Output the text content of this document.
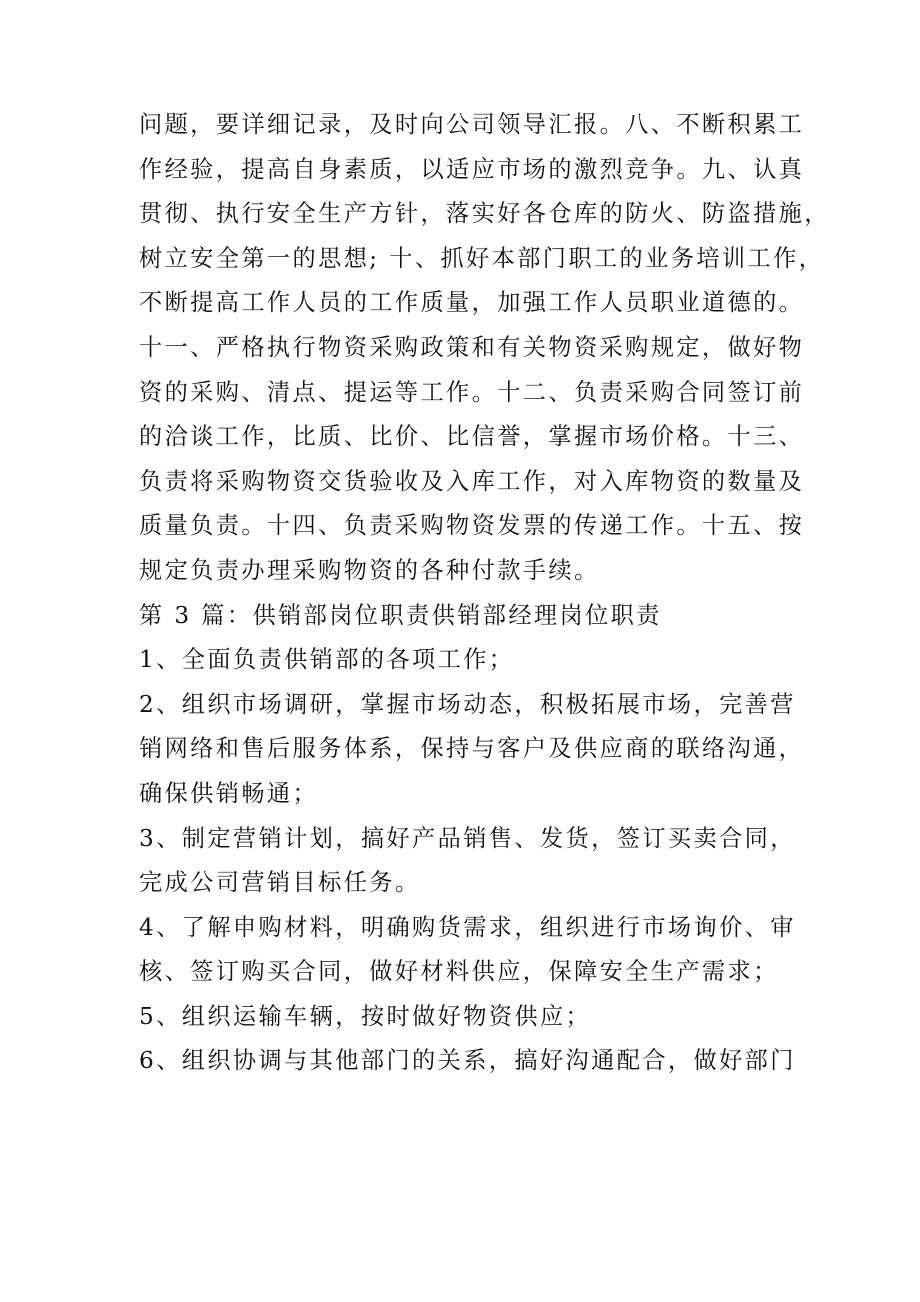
问题，要详细记录，及时向公司领导汇报。八、不断积累工
作经验，提高自身素质，以适应市场的激烈竞争。九、认真
贯彻、执行安全生产方针，落实好各仓库的防火、防盗措施，
树立安全第一的思想; 十、抓好本部门职工的业务培训工作，
不断提高工作人员的工作质量，加强工作人员职业道德的。
十一、严格执行物资采购政策和有关物资采购规定，做好物
资的采购、清点、提运等工作。十二、负责采购合同签订前
的洽谈工作，比质、比价、比信誉，掌握市场价格。十三、
负责将采购物资交货验收及入库工作，对入库物资的数量及
质量负责。十四、负责采购物资发票的传递工作。十五、按
规定负责办理采购物资的各种付款手续。
第 3 篇：供销部岗位职责供销部经理岗位职责
1、全面负责供销部的各项工作；
2、组织市场调研，掌握市场动态，积极拓展市场，完善营
销网络和售后服务体系，保持与客户及供应商的联络沟通，
确保供销畅通；
3、制定营销计划，搞好产品销售、发货，签订买卖合同，
完成公司营销目标任务。
4、了解申购材料，明确购货需求，组织进行市场询价、审
核、签订购买合同，做好材料供应，保障安全生产需求；
5、组织运输车辆，按时做好物资供应；
6、组织协调与其他部门的关系，搞好沟通配合，做好部门
